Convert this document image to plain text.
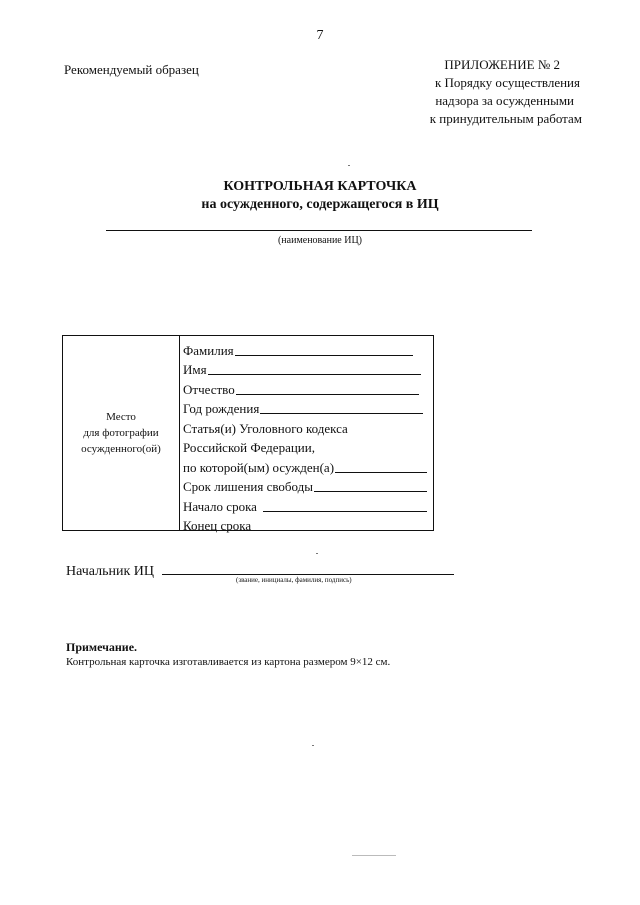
7
Рекомендуемый образец	ПРИЛОЖЕНИЕ № 2
к Порядку осуществления
надзора за осужденными
к принудительным работам
КОНТРОЛЬНАЯ КАРТОЧКА
на осужденного, содержащегося в ИЦ
(наименование ИЦ)
Место
для фотографии
осужденного(ой)
Фамилия
Имя
Отчество
Год рождения
Статья(и) Уголовного кодекса
Российской Федерации,
по которой(ым) осужден(а)
Срок лишения свободы
Начало срока
Конец срока
Начальник ИЦ
(звание, инициалы, фамилия, подпись)
Примечание.
Контрольная карточка изготавливается из картона размером 9×12 см.
